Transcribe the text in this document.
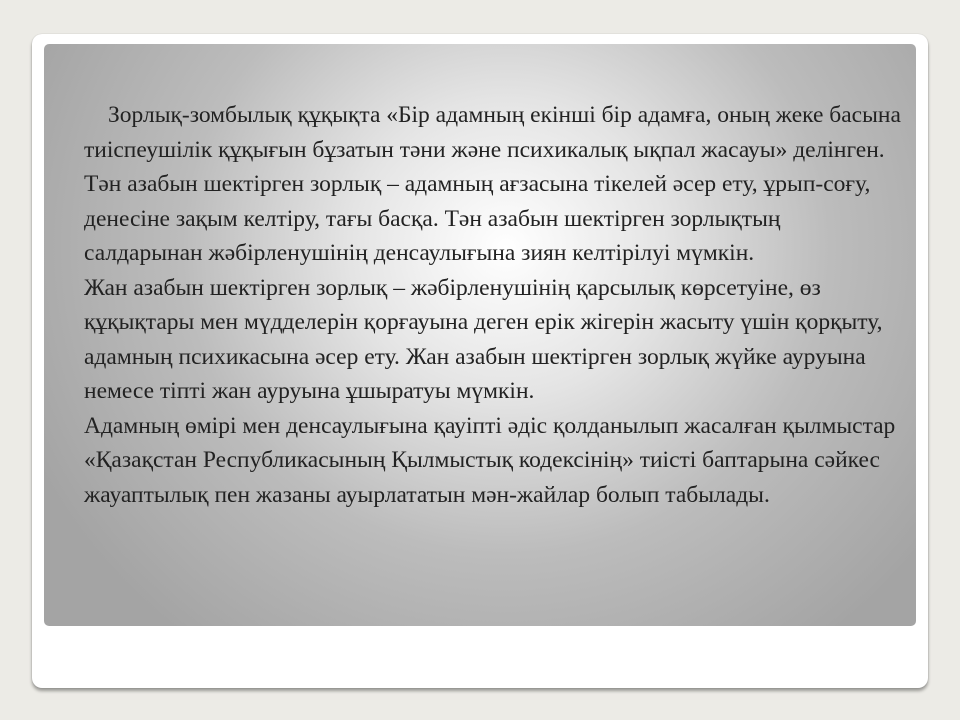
Зорлық-зомбылық құқықта «Бір адамның екінші бір адамға, оның жеке басына тиіспеушілік құқығын бұзатын тәни және психикалық ықпал жасауы» делінген.

Тән азабын шектірген зорлық – адамның ағзасына тікелей әсер ету, ұрып-соғу, денесіне зақым келтіру, тағы басқа. Тән азабын шектірген зорлықтың салдарынан жәбірленушінің денсаулығына зиян келтірілуі мүмкін.

Жан азабын шектірген зорлық – жәбірленушінің қарсылық көрсетуіне, өз құқықтары мен мүдделерін қорғауына деген ерік жігерін жасыту үшін қорқыту, адамның психикасына әсер ету. Жан азабын шектірген зорлық жүйке ауруына немесе тіпті жан ауруына ұшыратуы мүмкін.

Адамның өмірі мен денсаулығына қауіпті әдіс қолданылып жасалған қылмыстар «Қазақстан Республикасының Қылмыстық кодексінің» тиісті баптарына сәйкес жауаптылық пен жазаны ауырлататын мән-жайлар болып табылады.
